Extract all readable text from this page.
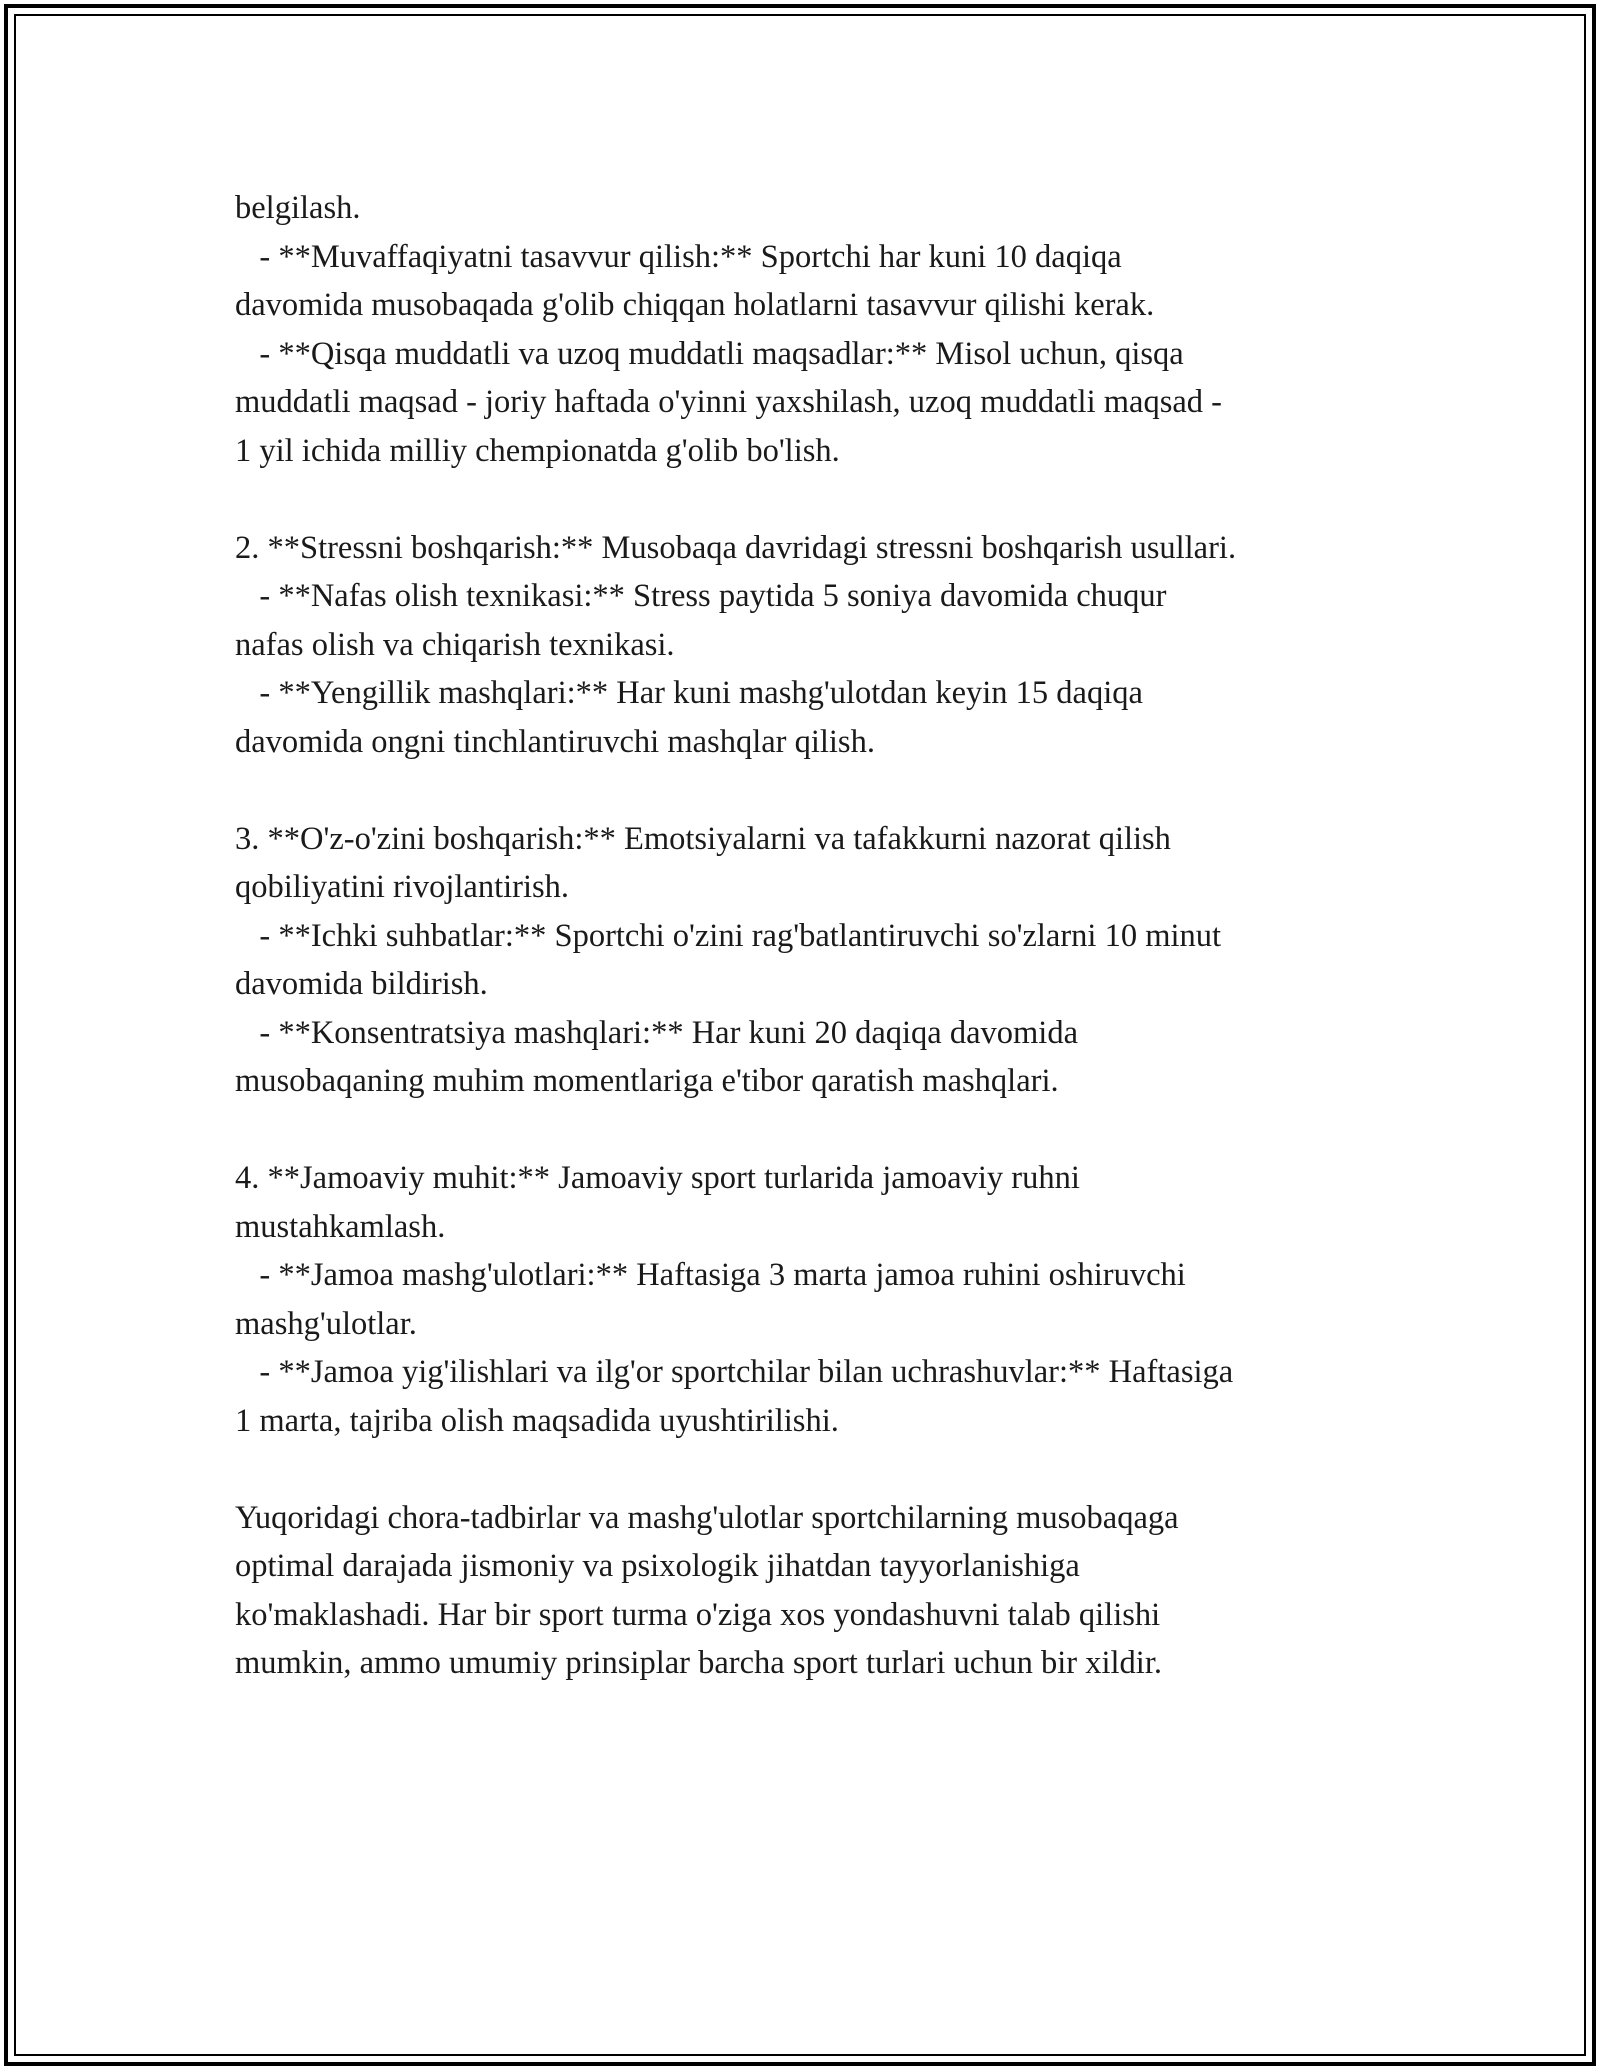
belgilash.
- **Muvaffaqiyatni tasavvur qilish:** Sportchi har kuni 10 daqiqa
davomida musobaqada g'olib chiqqan holatlarni tasavvur qilishi kerak.
- **Qisqa muddatli va uzoq muddatli maqsadlar:** Misol uchun, qisqa
muddatli maqsad - joriy haftada o'yinni yaxshilash, uzoq muddatli maqsad -
1 yil ichida milliy chempionatda g'olib bo'lish.
2. **Stressni boshqarish:** Musobaqa davridagi stressni boshqarish usullari.
- **Nafas olish texnikasi:** Stress paytida 5 soniya davomida chuqur
nafas olish va chiqarish texnikasi.
- **Yengillik mashqlari:** Har kuni mashg'ulotdan keyin 15 daqiqa
davomida ongni tinchlantiruvchi mashqlar qilish.
3. **O'z-o'zini boshqarish:** Emotsiyalarni va tafakkurni nazorat qilish
qobiliyatini rivojlantirish.
- **Ichki suhbatlar:** Sportchi o'zini rag'batlantiruvchi so'zlarni 10 minut
davomida bildirish.
- **Konsentratsiya mashqlari:** Har kuni 20 daqiqa davomida
musobaqaning muhim momentlariga e'tibor qaratish mashqlari.
4. **Jamoaviy muhit:** Jamoaviy sport turlarida jamoaviy ruhni
mustahkamlash.
- **Jamoa mashg'ulotlari:** Haftasiga 3 marta jamoa ruhini oshiruvchi
mashg'ulotlar.
- **Jamoa yig'ilishlari va ilg'or sportchilar bilan uchrashuvlar:** Haftasiga
1 marta, tajriba olish maqsadida uyushtirilishi.
Yuqoridagi chora-tadbirlar va mashg'ulotlar sportchilarning musobaqaga
optimal darajada jismoniy va psixologik jihatdan tayyorlanishiga
ko'maklashadi. Har bir sport turma o'ziga xos yondashuvni talab qilishi
mumkin, ammo umumiy prinsiplar barcha sport turlari uchun bir xildir.
